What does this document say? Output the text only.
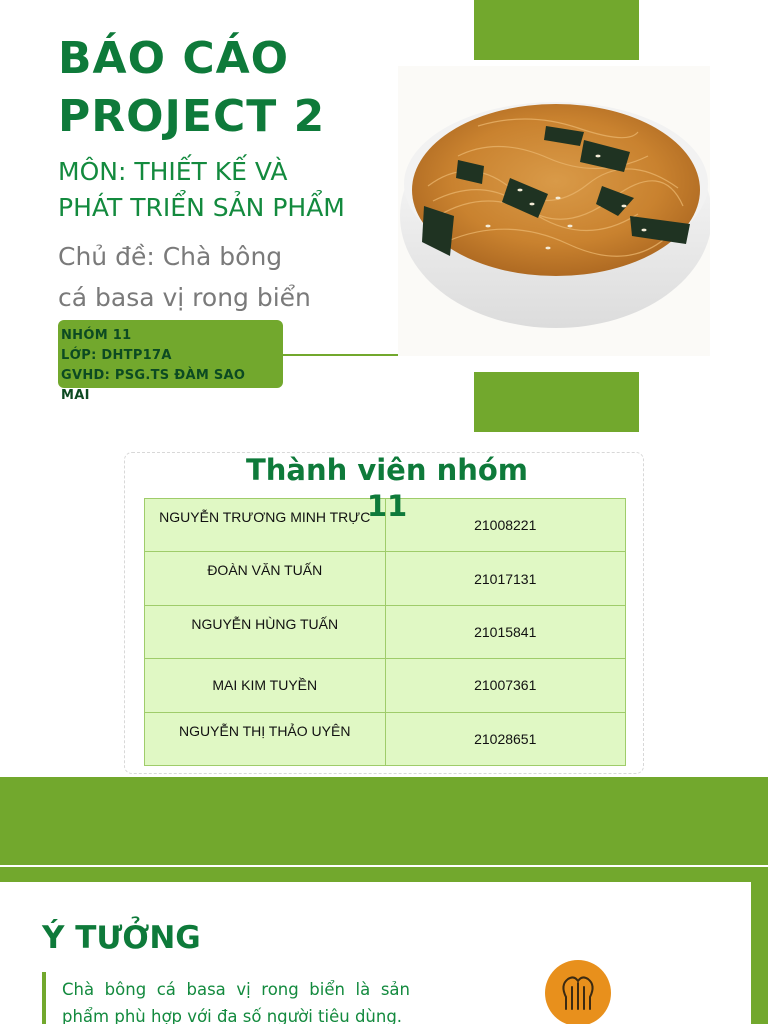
BÁO CÁO
PROJECT 2
MÔN: THIẾT KẾ VÀ
PHÁT TRIỂN SẢN PHẨM
Chủ đề: Chà bông
cá basa vị rong biển
NHÓM 11
LỚP: DHTP17A
GVHD: PSG.TS ĐÀM SAO MAI
NGUYỄN TRƯƠNG MINH TRỰC	21008221
ĐOÀN VĂN TUẤN	21017131
NGUYỄN HÙNG TUẤN	21015841
MAI KIM TUYỀN	21007361
NGUYỄN THỊ THẢO UYÊN	21028651
Thành viên nhóm 11
Ý TƯỞNG

Chà bông cá basa vị rong biển là sản phẩm phù hợp với đa số người tiêu dùng.
